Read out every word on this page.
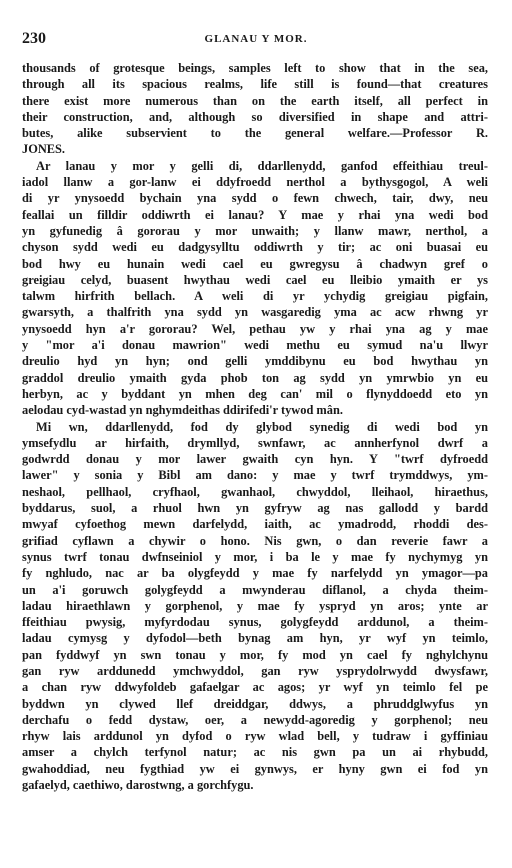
230	GLANAU Y MOR.
thousands of grotesque beings, samples left to show that in the sea,
through all its spacious realms, life still is found—that creatures
there exist more numerous than on the earth itself, all perfect in
their construction, and, although so diversified in shape and attri-
butes, alike subservient to the general welfare.—Professor R.
JONES.
Ar lanau y mor y gelli di, ddarllenydd, ganfod effeithiau treul-
iadol llanw a gor-lanw ei ddyfroedd nerthol a bythysgogol, A weli
di yr ynysoedd bychain yna sydd o fewn chwech, tair, dwy, neu
feallai un filldir oddiwrth ei lanau? Y mae y rhai yna wedi bod
yn gyfunedig â gororau y mor unwaith; y llanw mawr, nerthol, a
chyson sydd wedi eu dadgysylltu oddiwrth y tir; ac oni buasai eu
bod hwy eu hunain wedi cael eu gwregysu â chadwyn gref o
greigiau celyd, buasent hwythau wedi cael eu lleibio ymaith er ys
talwm hirfrith bellach. A weli di yr ychydig greigiau pigfain,
gwarsyth, a thalfrith yna sydd yn wasgaredig yma ac acw rhwng yr
ynysoedd hyn a'r gororau? Wel, pethau yw y rhai yna ag y mae
y "mor a'i donau mawrion" wedi methu eu symud na'u llwyr
dreulio hyd yn hyn; ond gelli ymddibynu eu bod hwythau yn
graddol dreulio ymaith gyda phob ton ag sydd yn ymrwbio yn eu
herbyn, ac y byddant yn mhen deg can' mil o flynyddoedd eto yn
aelodau cyd-wastad yn nghymdeithas ddirifedi'r tywod mân.
Mi wn, ddarllenydd, fod dy glybod synedig di wedi bod yn
ymsefydlu ar hirfaith, drymllyd, swnfawr, ac annherfynol dwrf a
godwrdd donau y mor lawer gwaith cyn hyn. Y "twrf dyfroedd
lawer" y sonia y Bibl am dano: y mae y twrf trymddwys, ym-
neshaol, pellhaol, cryfhaol, gwanhaol, chwyddol, lleihaol, hiraethus,
byddarus, suol, a rhuol hwn yn gyfryw ag nas gallodd y bardd
mwyaf cyfoethog mewn darfelydd, iaith, ac ymadrodd, rhoddi des-
grifiad cyflawn a chywir o hono. Nis gwn, o dan reverie fawr a
synus twrf tonau dwfnseiniol y mor, i ba le y mae fy nychymyg yn
fy nghludo, nac ar ba olygfeydd y mae fy narfelydd yn ymagor—pa
un a'i goruwch golygfeydd a mwynderau diflanol, a chyda theim-
ladau hiraethlawn y gorphenol, y mae fy yspryd yn aros; ynte ar
ffeithiau pwysig, myfyrdodau synus, golygfeydd arddunol, a theim-
ladau cymysg y dyfodol—beth bynag am hyn, yr wyf yn teimlo,
pan fyddwyf yn swn tonau y mor, fy mod yn cael fy nghylchynu
gan ryw arddunedd ymchwyddol, gan ryw ysprydolrwydd dwysfawr,
a chan ryw ddwyfoldeb gafaelgar ac agos; yr wyf yn teimlo fel pe
byddwn yn clywed llef dreiddgar, ddwys, a phruddglwyfus yn
derchafu o fedd dystaw, oer, a newydd-agoredig y gorphenol; neu
rhyw lais arddunol yn dyfod o ryw wlad bell, y tudraw i gyffiniau
amser a chylch terfynol natur; ac nis gwn pa un ai rhybudd,
gwahoddiad, neu fygthiad yw ei gynwys, er hyny gwn ei fod yn
gafaelyd, caethiwo, darostwng, a gorchfygu.
